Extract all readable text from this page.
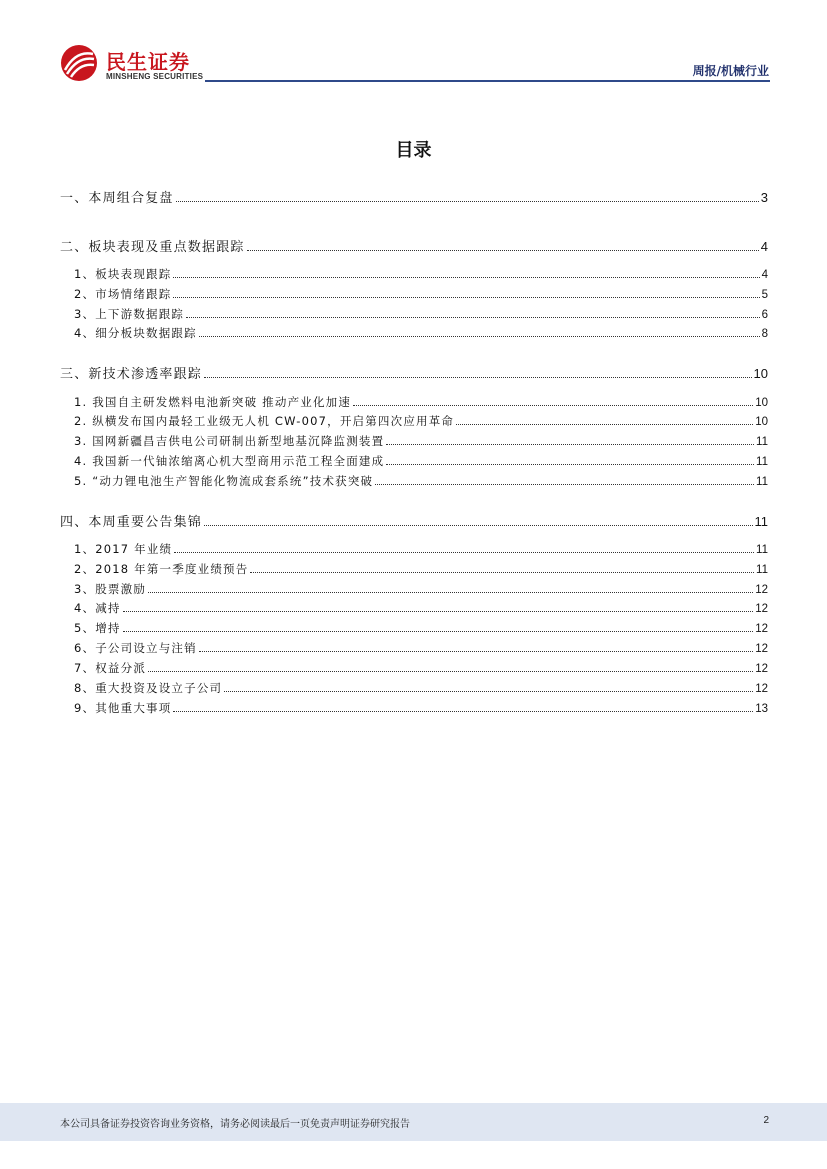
民生证券
MINSHENG SECURITIES	周报/机械行业
目录
一、本周组合复盘	3
二、板块表现及重点数据跟踪	4
1、板块表现跟踪	4
2、市场情绪跟踪	5
3、上下游数据跟踪	6
4、细分板块数据跟踪	8
三、新技术渗透率跟踪	10
1. 我国自主研发燃料电池新突破 推动产业化加速	10
2. 纵横发布国内最轻工业级无人机 CW-007，开启第四次应用革命	10
3. 国网新疆昌吉供电公司研制出新型地基沉降监测装置	11
4. 我国新一代铀浓缩离心机大型商用示范工程全面建成	11
5. “动力锂电池生产智能化物流成套系统”技术获突破	11
四、本周重要公告集锦	11
1、2017 年业绩	11
2、2018 年第一季度业绩预告	11
3、股票激励	12
4、减持	12
5、增持	12
6、子公司设立与注销	12
7、权益分派	12
8、重大投资及设立子公司	12
9、其他重大事项	13
本公司具备证券投资咨询业务资格，请务必阅读最后一页免责声明证券研究报告	2
